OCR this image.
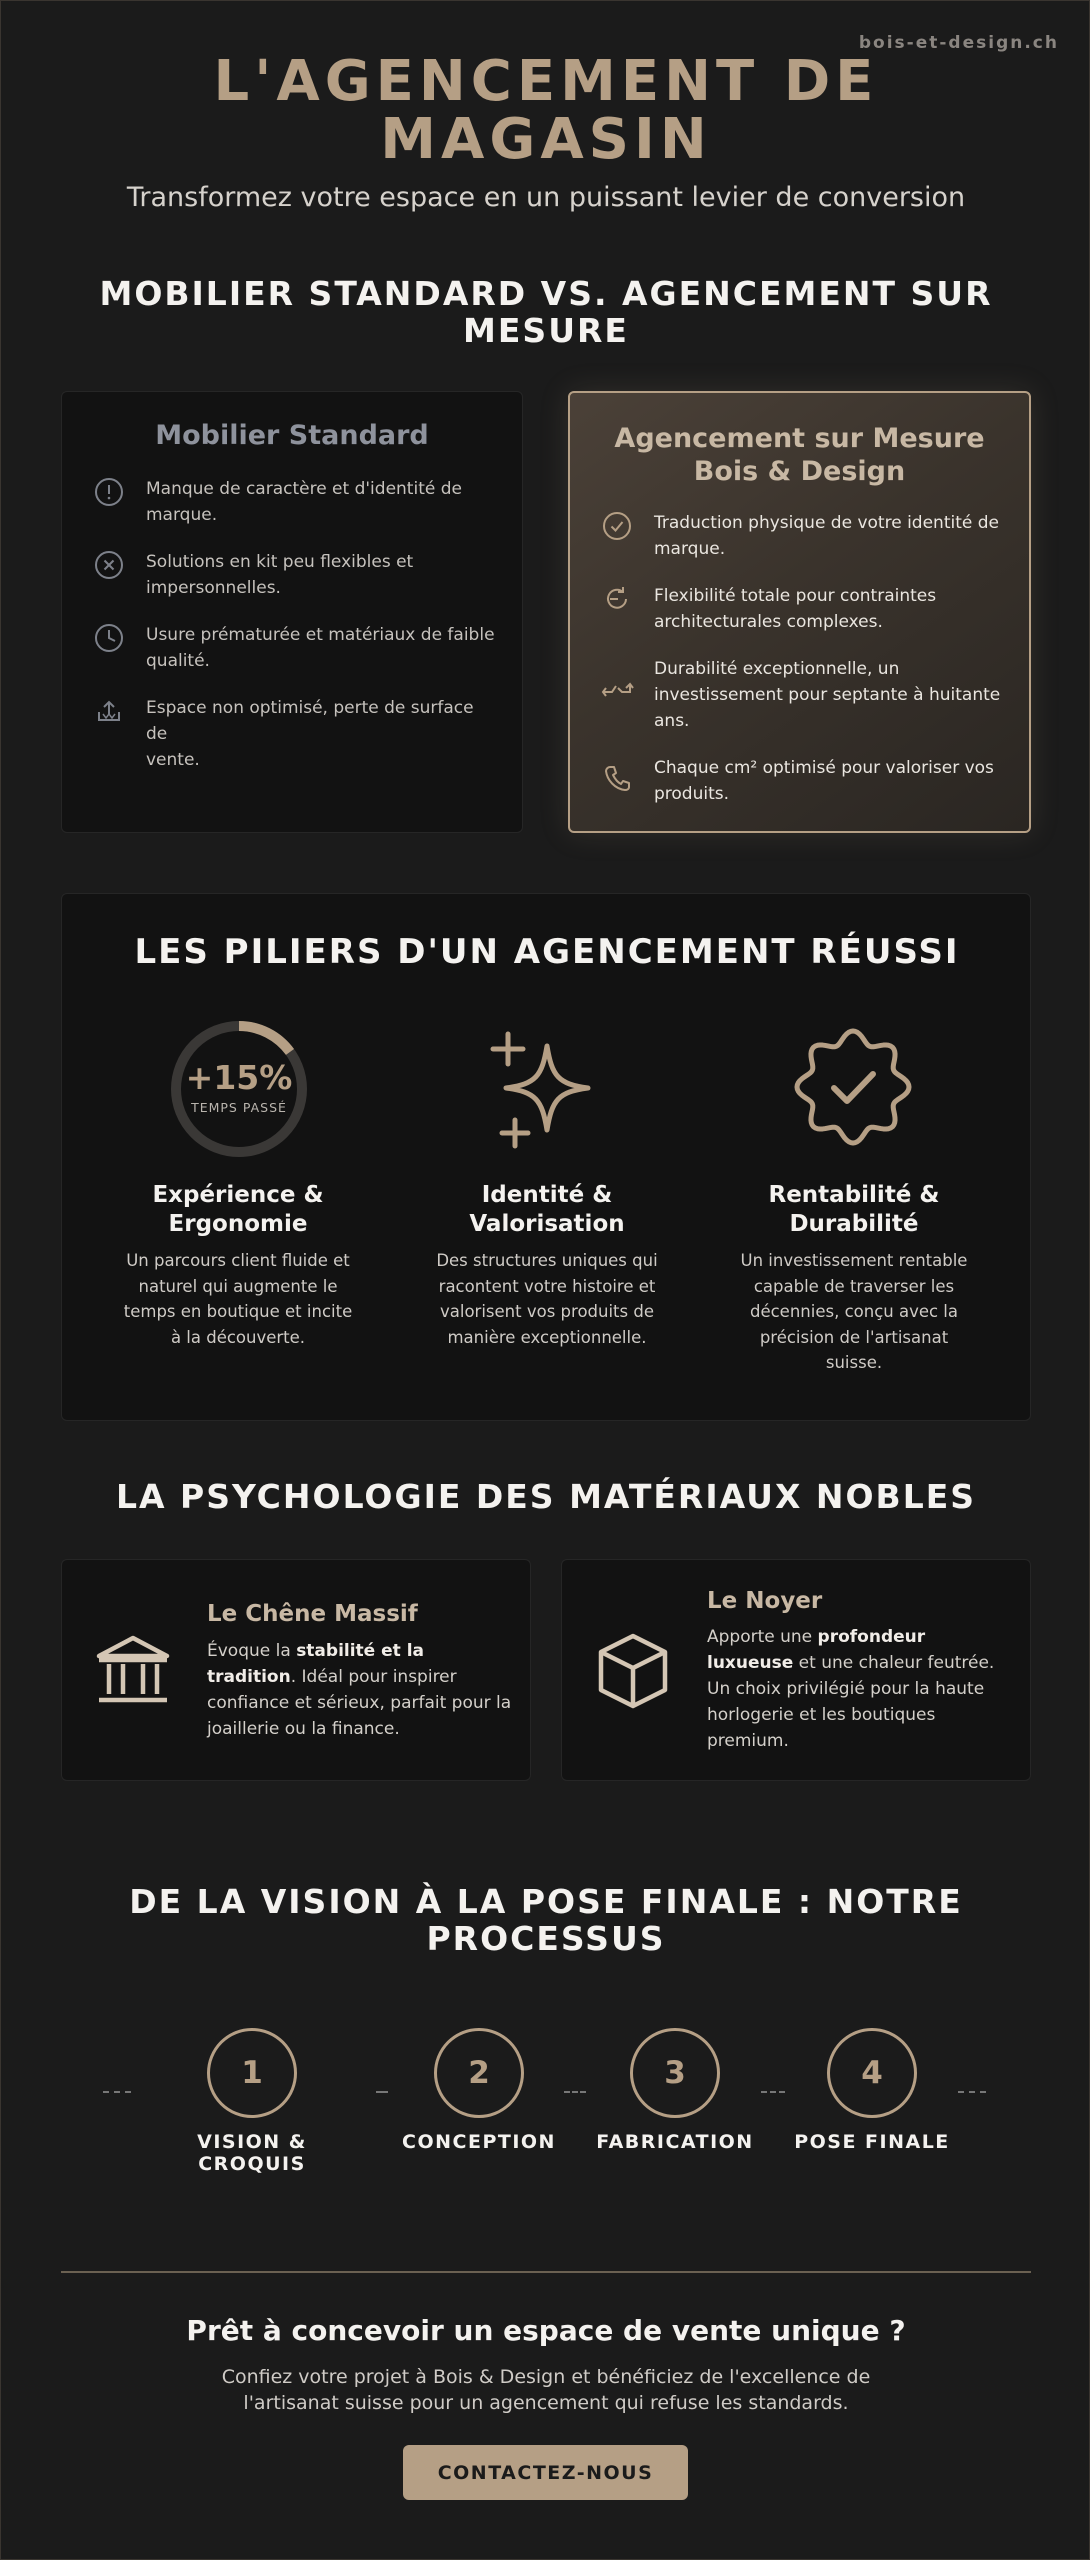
bois-et-design.ch
L'AGENCEMENT DE
MAGASIN

Transformez votre espace en un puissant levier de conversion

MOBILIER STANDARD VS. AGENCEMENT SUR
MESURE
Mobilier Standard
Manque de caractère et d'identité de
marque.
Solutions en kit peu flexibles et
impersonnelles.
Usure prématurée et matériaux de faible
qualité.
Espace non optimisé, perte de surface de
vente.
Agencement sur Mesure
Bois & Design
Traduction physique de votre identité de
marque.
Flexibilité totale pour contraintes
architecturales complexes.
Durabilité exceptionnelle, un
investissement pour septante à huitante
ans.
Chaque cm² optimisé pour valoriser vos
produits.
LES PILIERS D'UN AGENCEMENT RÉUSSI
+15%
TEMPS PASSÉ
Expérience &
Ergonomie

Un parcours client fluide et
naturel qui augmente le
temps en boutique et incite
à la découverte.

Identité &
Valorisation

Des structures uniques qui
racontent votre histoire et
valorisent vos produits de
manière exceptionnelle.

Rentabilité &
Durabilité

Un investissement rentable
capable de traverser les
décennies, conçu avec la
précision de l'artisanat
suisse.

LA PSYCHOLOGIE DES MATÉRIAUX NOBLES
Le Chêne Massif

Évoque la stabilité et la
tradition. Idéal pour inspirer
confiance et sérieux, parfait pour la
joaillerie ou la finance.

Le Noyer

Apporte une profondeur
luxueuse et une chaleur feutrée.
Un choix privilégié pour la haute
horlogerie et les boutiques
premium.

DE LA VISION À LA POSE FINALE : NOTRE
PROCESSUS
1	2	3	4
VISION & CROQUIS
CONCEPTION	FABRICATION	POSE FINALE
Prêt à concevoir un espace de vente unique ?

Confiez votre projet à Bois & Design et bénéficiez de l'excellence de
l'artisanat suisse pour un agencement qui refuse les standards.

CONTACTEZ-NOUS
